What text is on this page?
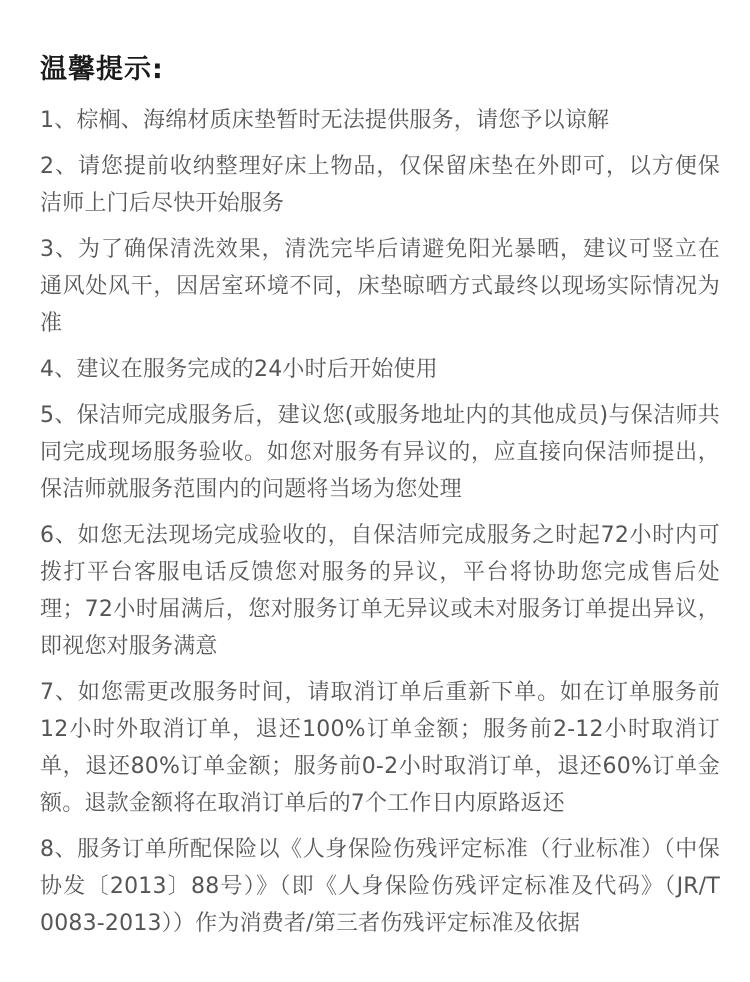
温馨提示:
1、棕榈、海绵材质床垫暂时无法提供服务，请您予以谅解
2、请您提前收纳整理好床上物品，仅保留床垫在外即可，以方便保洁师上门后尽快开始服务
3、为了确保清洗效果，清洗完毕后请避免阳光暴晒，建议可竖立在通风处风干，因居室环境不同，床垫晾晒方式最终以现场实际情况为准
4、建议在服务完成的24小时后开始使用
5、保洁师完成服务后，建议您(或服务地址内的其他成员)与保洁师共同完成现场服务验收。如您对服务有异议的，应直接向保洁师提出，保洁师就服务范围内的问题将当场为您处理
6、如您无法现场完成验收的，自保洁师完成服务之时起72小时内可拨打平台客服电话反馈您对服务的异议，平台将协助您完成售后处理；72小时届满后，您对服务订单无异议或未对服务订单提出异议，即视您对服务满意
7、如您需更改服务时间，请取消订单后重新下单。如在订单服务前12小时外取消订单，退还100%订单金额；服务前2-12小时取消订单，退还80%订单金额；服务前0-2小时取消订单，退还60%订单金额。退款金额将在取消订单后的7个工作日内原路返还
8、服务订单所配保险以《人身保险伤残评定标准（行业标准）（中保协发〔2013〕88号）》（即《人身保险伤残评定标准及代码》（JR/T　0083-2013））作为消费者/第三者伤残评定标准及依据
